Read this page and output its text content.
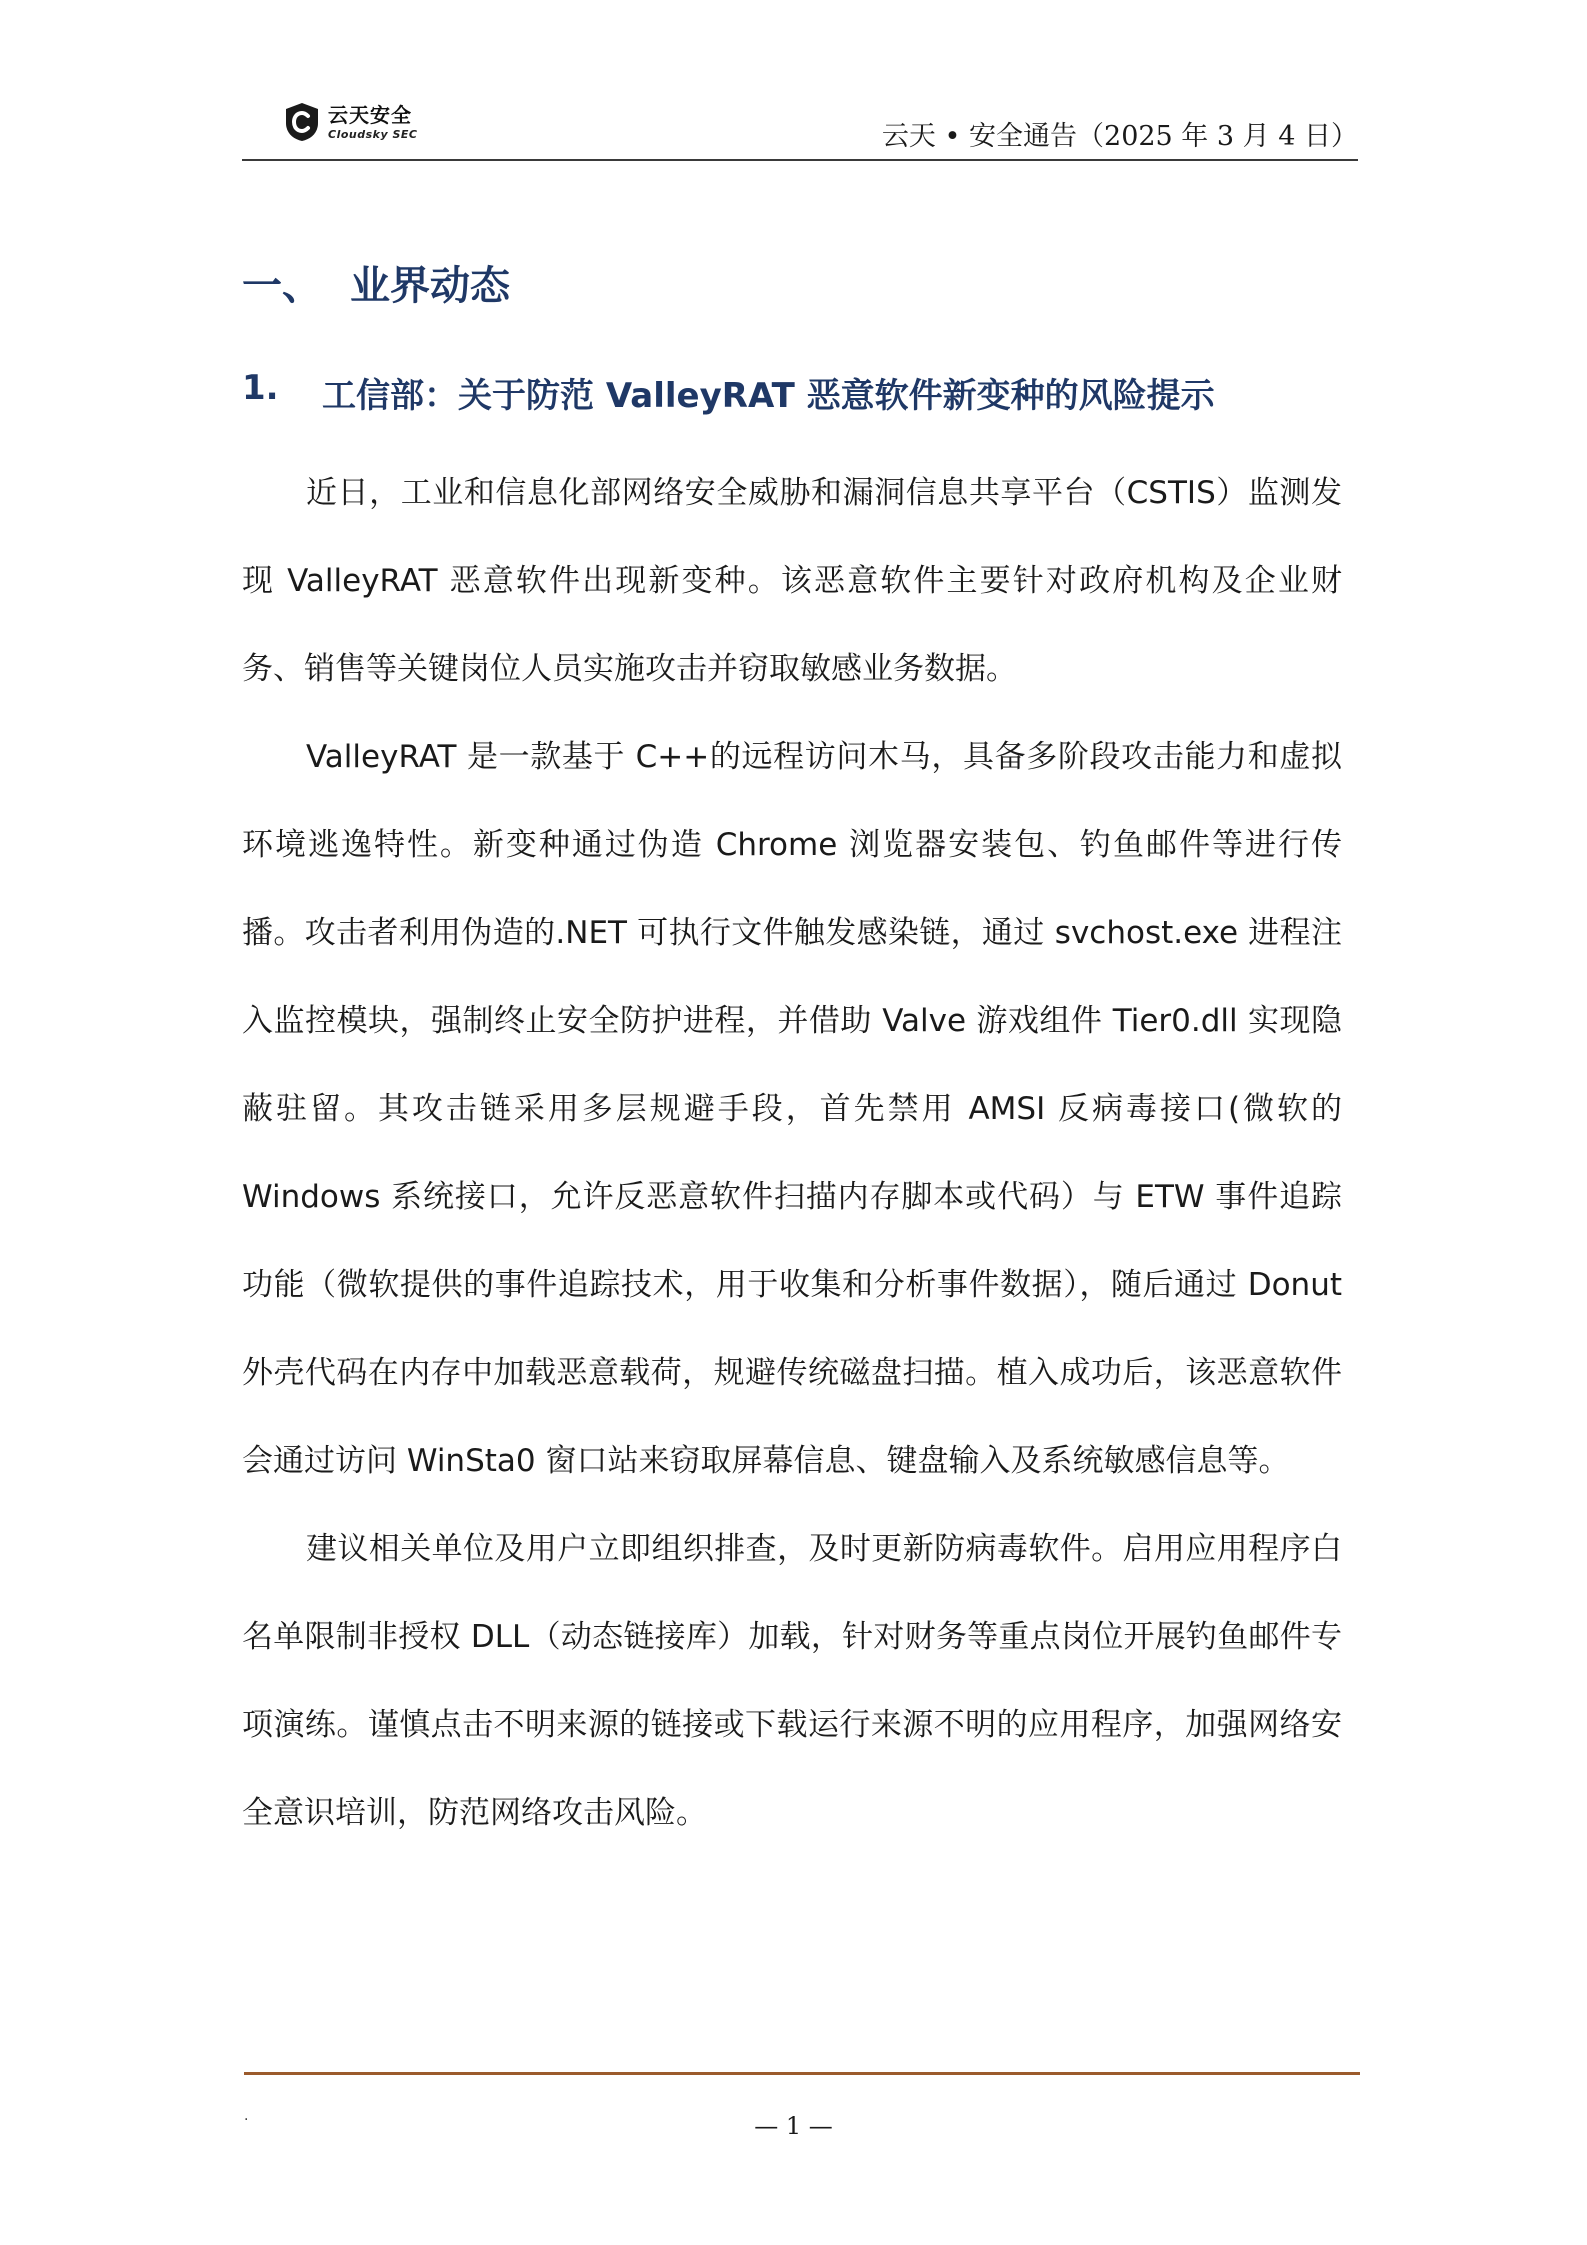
云天安全
Cloudsky SEC	云天 • 安全通告（2025 年 3 月 4 日）
一、 业界动态
1.	工信部：关于防范 ValleyRAT 恶意软件新变种的风险提示

近日，工业和信息化部网络安全威胁和漏洞信息共享平台（CSTIS）监测发现 ValleyRAT 恶意软件出现新变种。该恶意软件主要针对政府机构及企业财务、销售等关键岗位人员实施攻击并窃取敏感业务数据。

ValleyRAT 是一款基于 C++的远程访问木马，具备多阶段攻击能力和虚拟环境逃逸特性。新变种通过伪造 Chrome 浏览器安装包、钓鱼邮件等进行传播。攻击者利用伪造的.NET 可执行文件触发感染链，通过 svchost.exe 进程注入监控模块，强制终止安全防护进程，并借助 Valve 游戏组件 Tier0.dll 实现隐蔽驻留。其攻击链采用多层规避手段，首先禁用 AMSI 反病毒接口(微软的 Windows 系统接口，允许反恶意软件扫描内存脚本或代码）与 ETW 事件追踪功能（微软提供的事件追踪技术，用于收集和分析事件数据），随后通过 Donut 外壳代码在内存中加载恶意载荷，规避传统磁盘扫描。植入成功后，该恶意软件会通过访问 WinSta0 窗口站来窃取屏幕信息、键盘输入及系统敏感信息等。

建议相关单位及用户立即组织排查，及时更新防病毒软件。启用应用程序白名单限制非授权 DLL（动态链接库）加载，针对财务等重点岗位开展钓鱼邮件专项演练。谨慎点击不明来源的链接或下载运行来源不明的应用程序，加强网络安全意识培训，防范网络攻击风险。

.	— 1 —
